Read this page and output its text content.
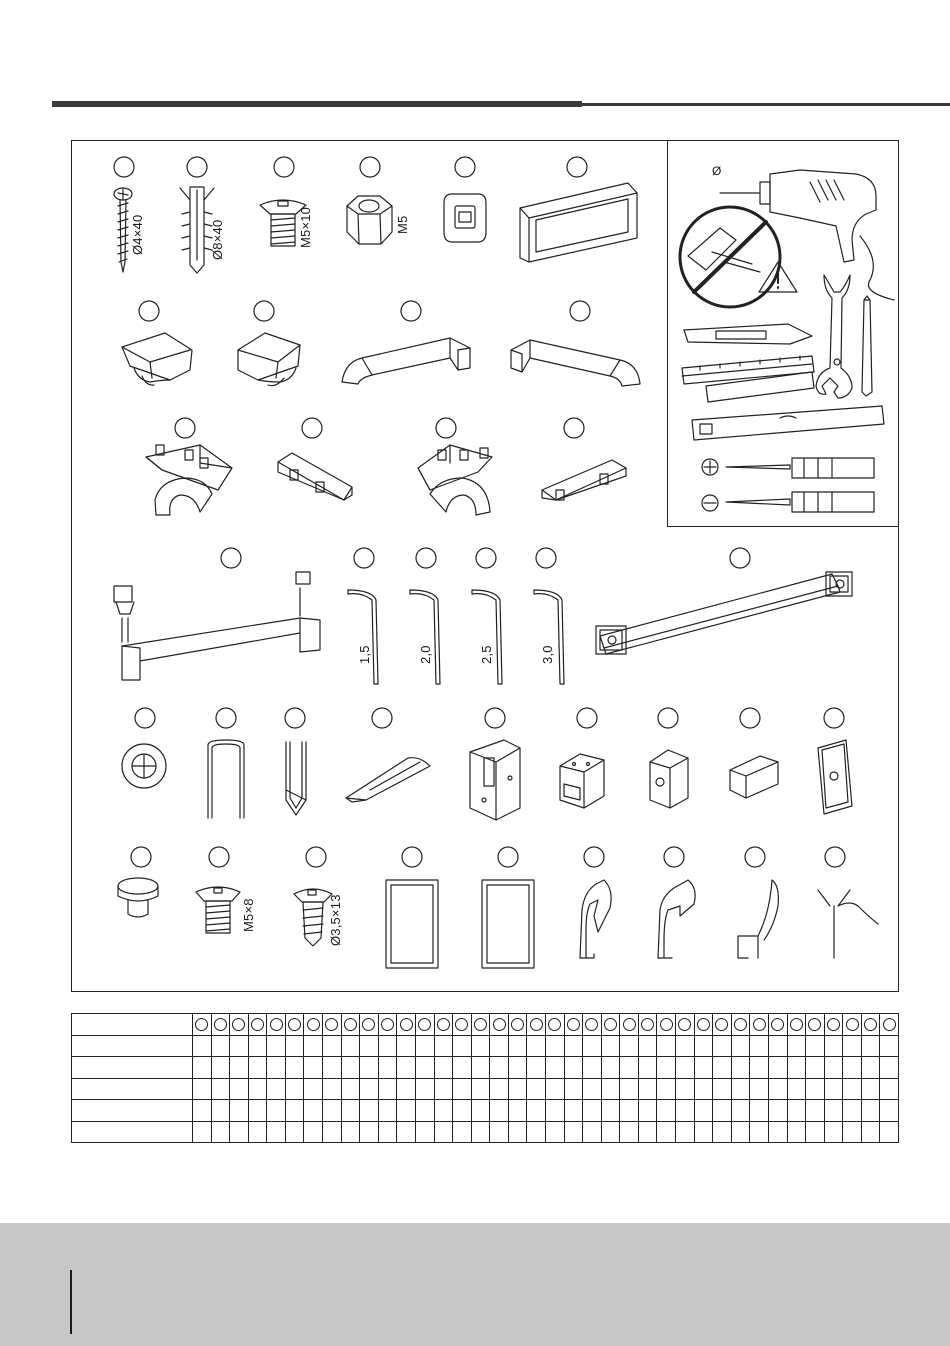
Ø4×40	Ø8×40	M5×10	M5
1,5	2,0	2,5	3,0
M5×8	Ø3,5×13
Ø
